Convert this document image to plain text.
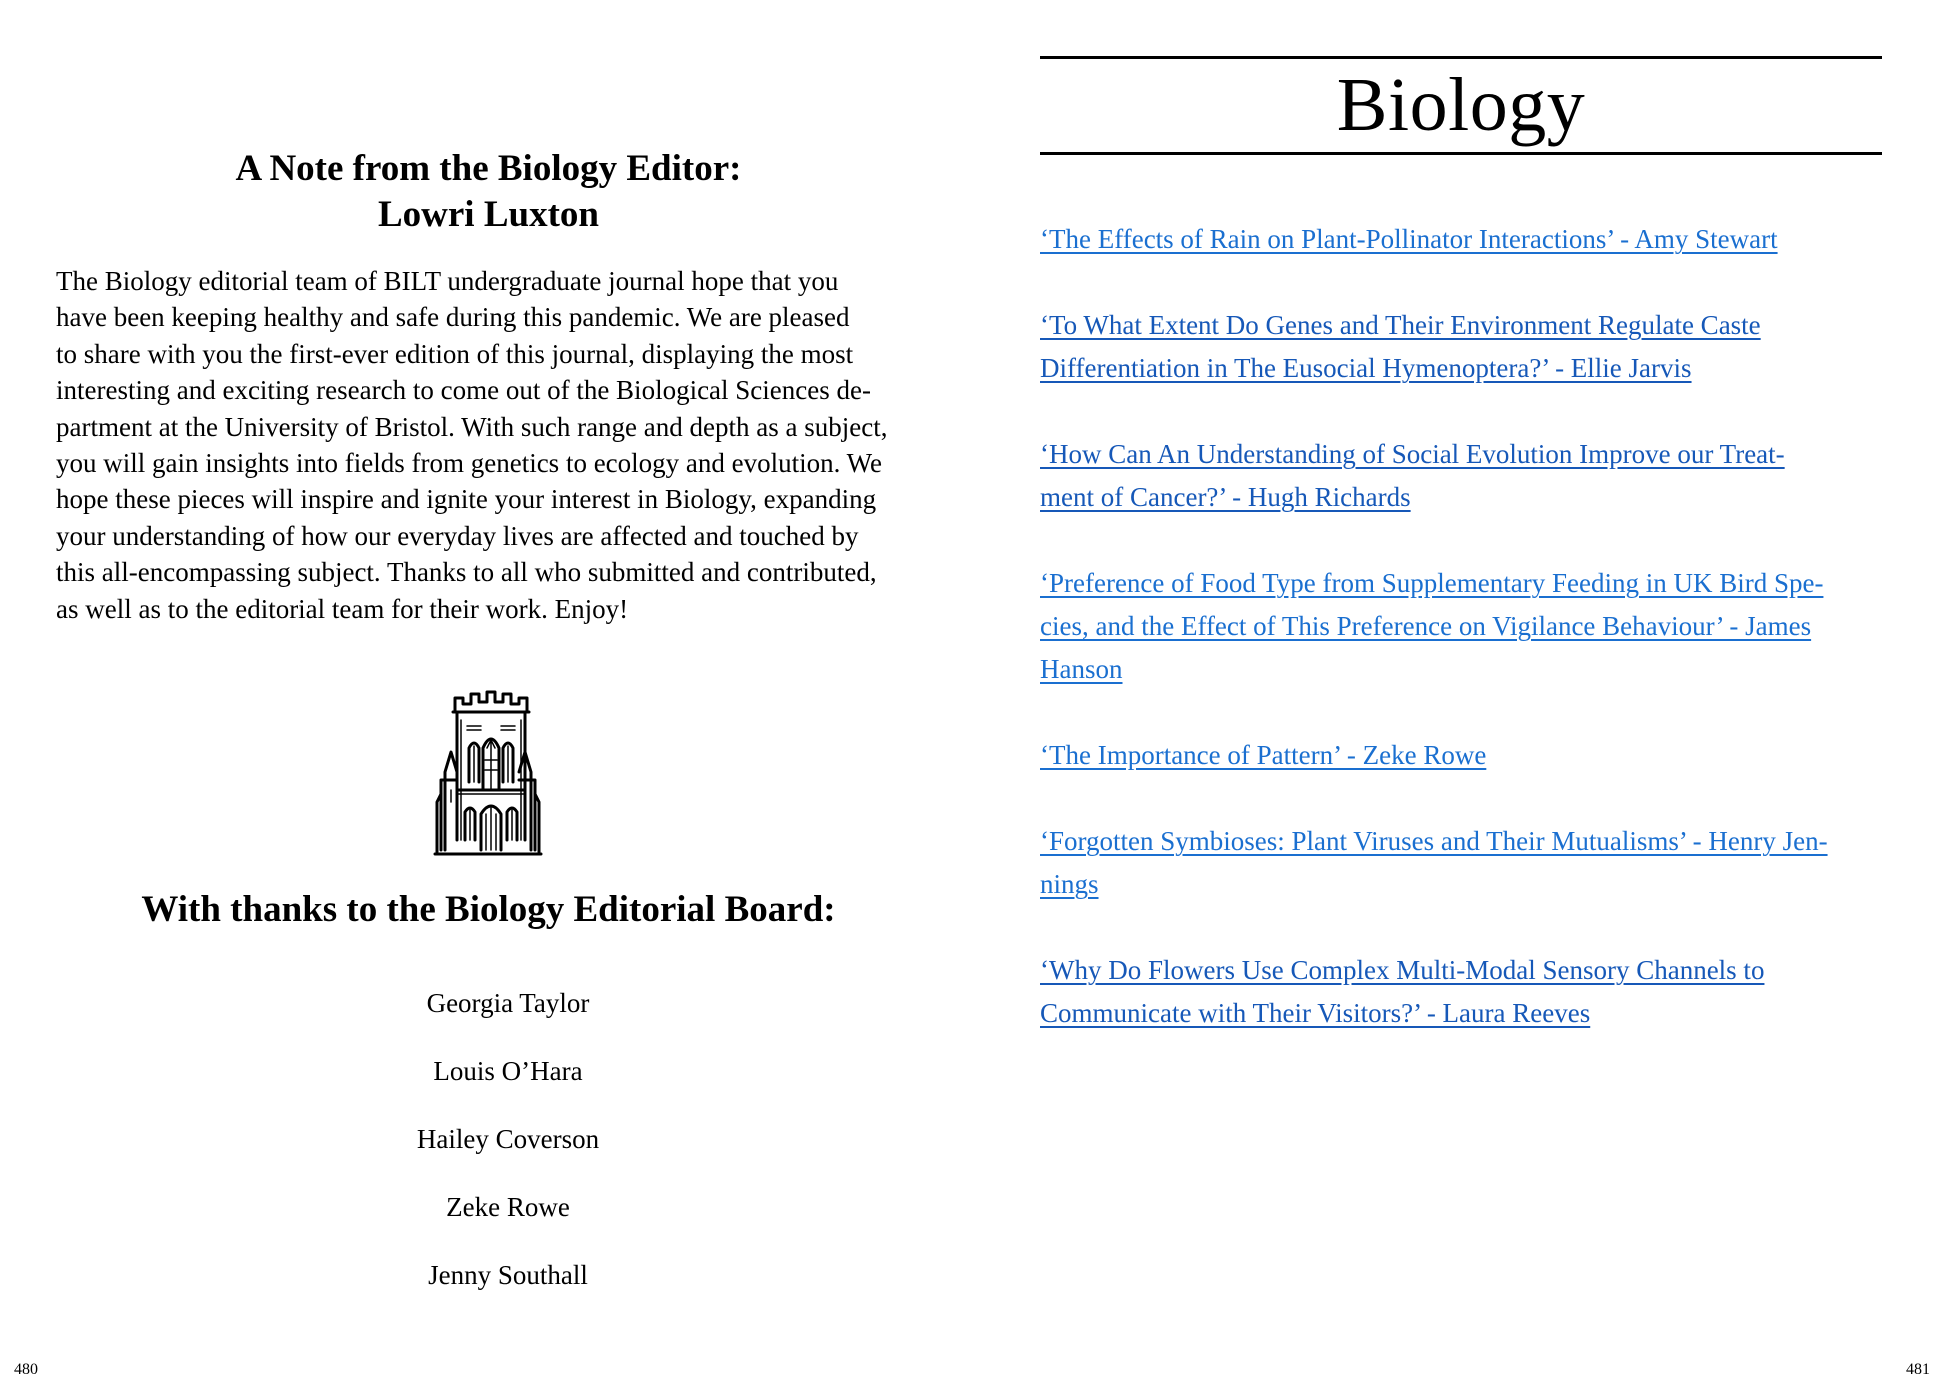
A Note from the Biology Editor:
Lowri Luxton
The Biology editorial team of BILT undergraduate journal hope that you
have been keeping healthy and safe during this pandemic. We are pleased
to share with you the first-ever edition of this journal, displaying the most
interesting and exciting research to come out of the Biological Sciences de-
partment at the University of Bristol. With such range and depth as a subject,
you will gain insights into fields from genetics to ecology and evolution. We
hope these pieces will inspire and ignite your interest in Biology, expanding
your understanding of how our everyday lives are affected and touched by
this all-encompassing subject. Thanks to all who submitted and contributed,
as well as to the editorial team for their work. Enjoy!
With thanks to the Biology Editorial Board:
Georgia Taylor
Louis O’Hara
Hailey Coverson
Zeke Rowe
Jenny Southall
480
Biology
‘The Effects of Rain on Plant-Pollinator Interactions’ - Amy Stewart
‘To What Extent Do Genes and Their Environment Regulate Caste
Differentiation in The Eusocial Hymenoptera?’ - Ellie Jarvis
‘How Can An Understanding of Social Evolution Improve our Treat-
ment of Cancer?’ - Hugh Richards
‘Preference of Food Type from Supplementary Feeding in UK Bird Spe-
cies, and the Effect of This Preference on Vigilance Behaviour’ - James
Hanson
‘The Importance of Pattern’ - Zeke Rowe
‘Forgotten Symbioses: Plant Viruses and Their Mutualisms’ - Henry Jen-
nings
‘Why Do Flowers Use Complex Multi-Modal Sensory Channels to
Communicate with Their Visitors?’ - Laura Reeves
481
